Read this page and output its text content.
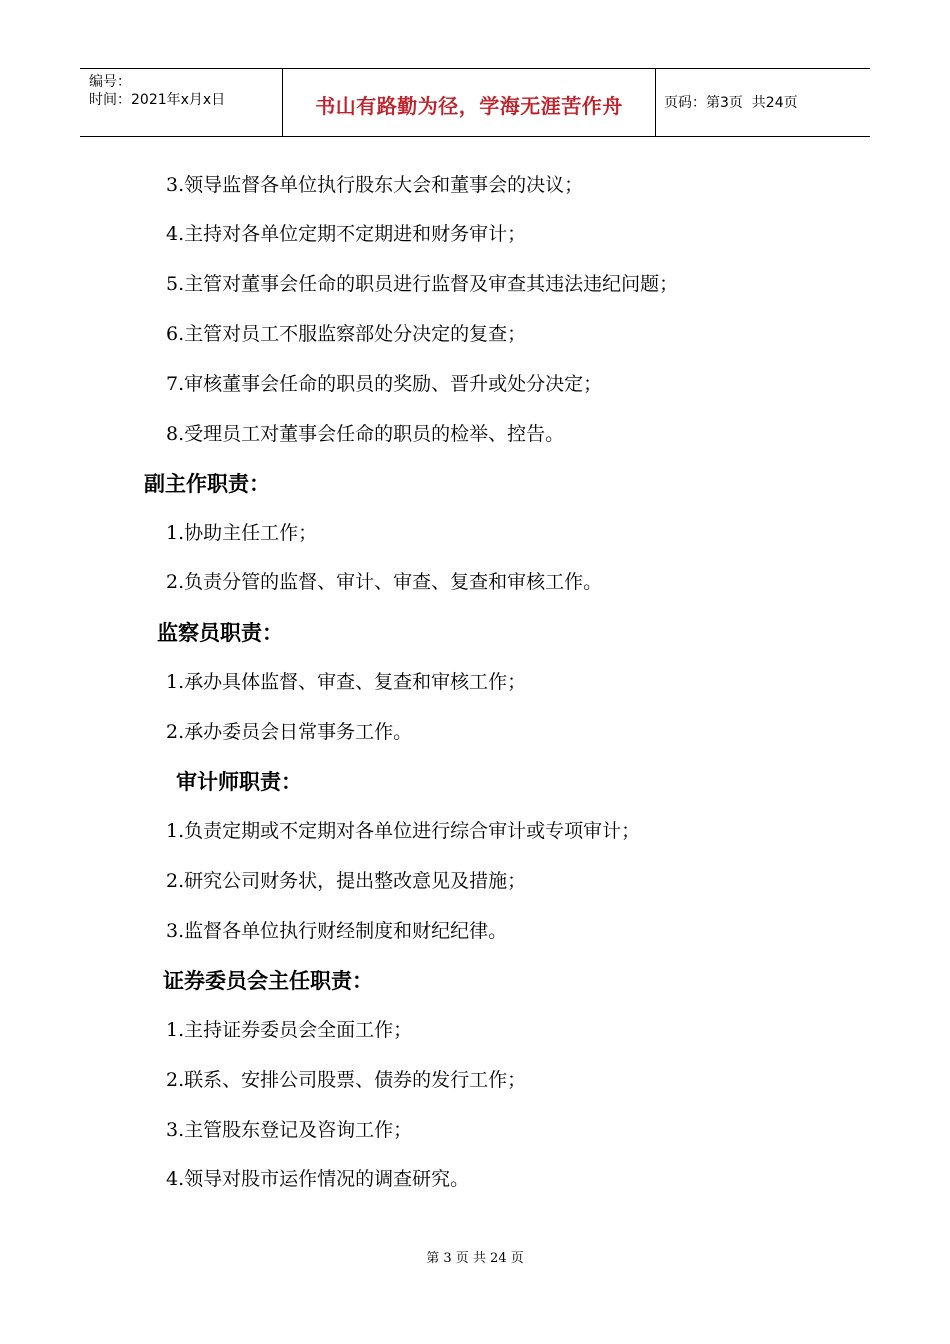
编号：
时间：2021年x月x日	书山有路勤为径，学海无涯苦作舟	页码：第3页  共24页
3.领导监督各单位执行股东大会和董事会的决议；
4.主持对各单位定期不定期进和财务审计；
5.主管对董事会任命的职员进行监督及审查其违法违纪问题；
6.主管对员工不服监察部处分决定的复查；
7.审核董事会任命的职员的奖励、晋升或处分决定；
8.受理员工对董事会任命的职员的检举、控告。
副主作职责：
1.协助主任工作；
2.负责分管的监督、审计、审查、复查和审核工作。
监察员职责：
1.承办具体监督、审查、复查和审核工作；
2.承办委员会日常事务工作。
审计师职责：
1.负责定期或不定期对各单位进行综合审计或专项审计；
2.研究公司财务状，提出整改意见及措施；
3.监督各单位执行财经制度和财纪纪律。
证券委员会主任职责：
1.主持证券委员会全面工作；
2.联系、安排公司股票、债券的发行工作；
3.主管股东登记及咨询工作；
4.领导对股市运作情况的调查研究。
第 3 页 共 24 页
